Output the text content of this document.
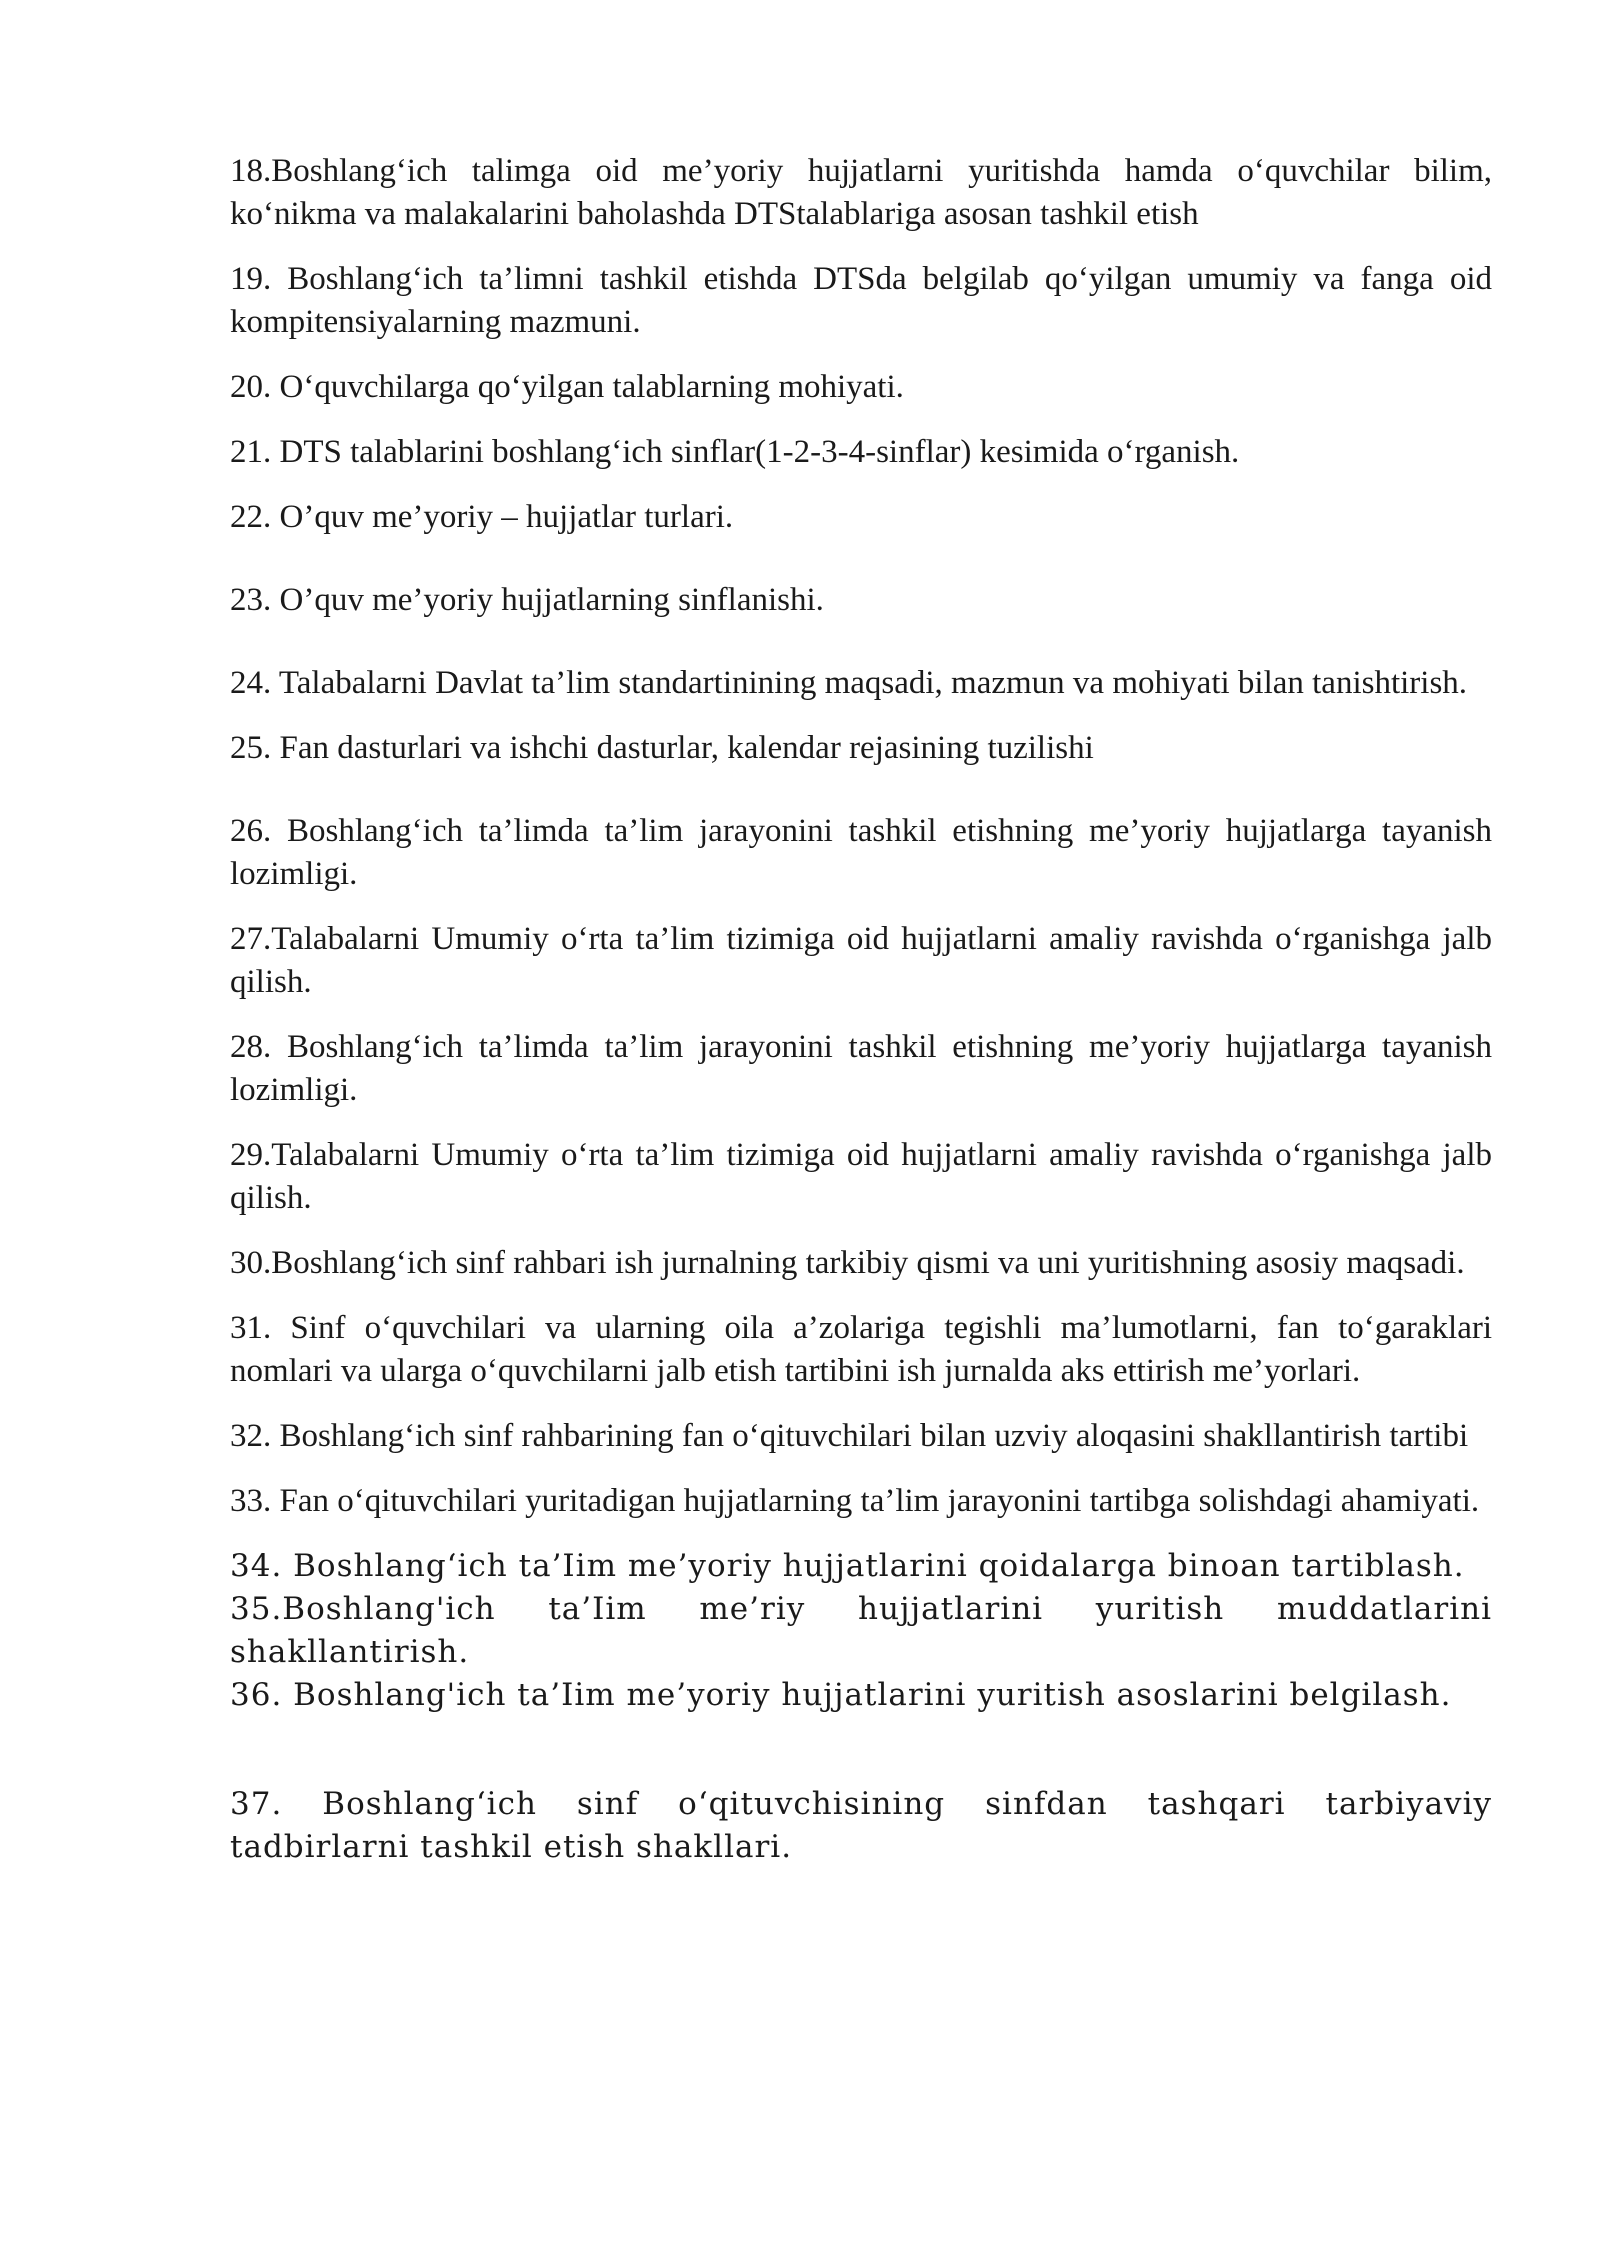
18.Boshlang‘ich talimga oid me’yoriy hujjatlarni yuritishda hamda o‘quvchilar bilim, ko‘nikma va malakalarini baholashda DTStalablariga asosan tashkil etish

19. Boshlang‘ich ta’limni tashkil etishda DTSda belgilab qo‘yilgan umumiy va fanga oid kompitensiyalarning mazmuni.

20. O‘quvchilarga qo‘yilgan talablarning mohiyati.

21. DTS talablarini boshlang‘ich sinflar(1-2-3-4-sinflar) kesimida o‘rganish.

22. O’quv me’yoriy – hujjatlar turlari.

23. O’quv me’yoriy hujjatlarning sinflanishi.

24. Talabalarni Davlat ta’lim standartinining maqsadi, mazmun va mohiyati bilan tanishtirish.

25. Fan dasturlari va ishchi dasturlar, kalendar rejasining tuzilishi

26. Boshlang‘ich ta’limda ta’lim jarayonini tashkil etishning me’yoriy hujjatlarga tayanish lozimligi.

27.Talabalarni Umumiy o‘rta ta’lim tizimiga oid hujjatlarni amaliy ravishda o‘rganishga jalb qilish.

28. Boshlang‘ich ta’limda ta’lim jarayonini tashkil etishning me’yoriy hujjatlarga tayanish lozimligi.

29.Talabalarni Umumiy o‘rta ta’lim tizimiga oid hujjatlarni amaliy ravishda o‘rganishga jalb qilish.

30.Boshlang‘ich sinf rahbari ish jurnalning tarkibiy qismi va uni yuritishning asosiy maqsadi.

31. Sinf o‘quvchilari va ularning oila a’zolariga tegishli ma’lumotlarni, fan to‘garaklari nomlari va ularga o‘quvchilarni jalb etish tartibini ish jurnalda aks ettirish me’yorlari.

32. Boshlang‘ich sinf rahbarining fan o‘qituvchilari bilan uzviy aloqasini shakllantirish tartibi

33. Fan o‘qituvchilari yuritadigan hujjatlarning ta’lim jarayonini tartibga solishdagi ahamiyati.

34. Boshlang‘ich ta’Iim me’yoriy hujjatlarini qoidalarga binoan tartiblash.

35.Boshlang'ich ta’Iim me’riy hujjatlarini yuritish muddatlarini shakllantirish.

36. Boshlang'ich ta’Iim me’yoriy hujjatlarini yuritish asoslarini belgilash.

37. Boshlang‘ich sinf o‘qituvchisining sinfdan tashqari tarbiyaviy tadbirlarni tashkil etish shakllari.
